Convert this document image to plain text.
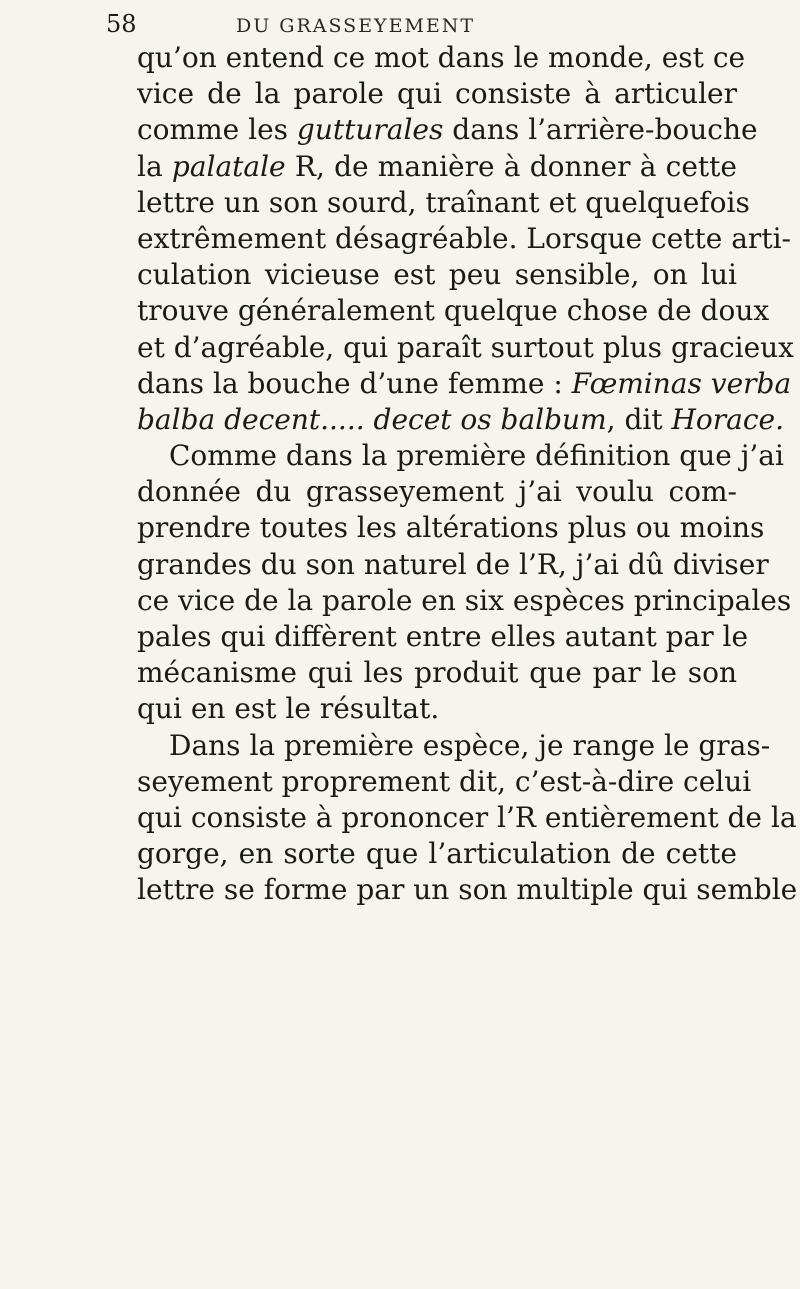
58	DU GRASSEYEMENT
qu’on entend ce mot dans le monde, est ce
vice de la parole qui consiste à articuler
comme les gutturales dans l’arrière-bouche
la palatale R, de manière à donner à cette
lettre un son sourd, traînant et quelquefois
extrêmement désagréable. Lorsque cette arti-
culation vicieuse est peu sensible, on lui
trouve généralement quelque chose de doux
et d’agréable, qui paraît surtout plus gracieux
dans la bouche d’une femme : Fœminas verba
balba decent..... decet os balbum, dit Horace.
Comme dans la première définition que j’ai
donnée du grasseyement j’ai voulu com-
prendre toutes les altérations plus ou moins
grandes du son naturel de l’R, j’ai dû diviser
ce vice de la parole en six espèces principales
pales qui diffèrent entre elles autant par le
mécanisme qui les produit que par le son
qui en est le résultat.
Dans la première espèce, je range le gras-
seyement proprement dit, c’est-à-dire celui
qui consiste à prononcer l’R entièrement de la
gorge, en sorte que l’articulation de cette
lettre se forme par un son multiple qui semble
